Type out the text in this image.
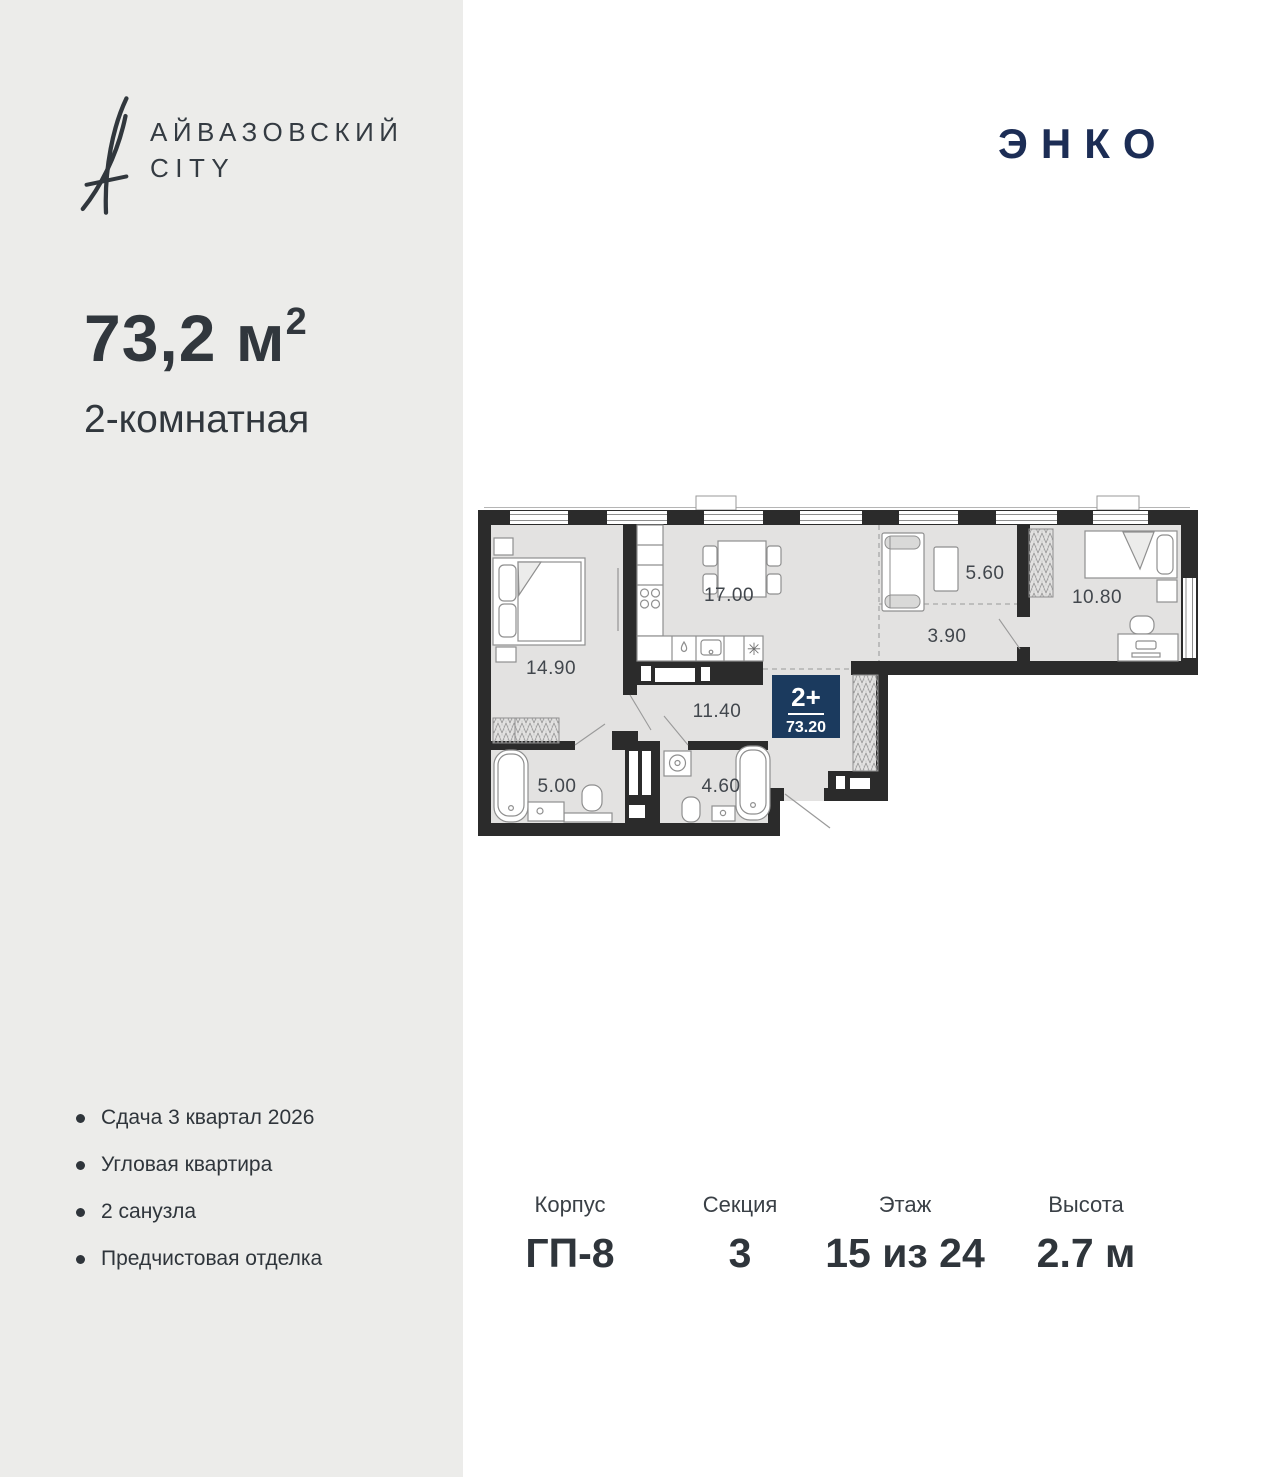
АЙВАЗОВСКИЙ
CITY
73,2 $м^2$
2-комнатная
Сдача 3 квартал 2026
Угловая квартира
2 санузла
Предчистовая отделка
ЭНКО
✳
2+
73.20
14.90
17.00
5.60
3.90
10.80
11.40
5.00	4.60
Корпус
ГП-8
Секция
3
Этаж
15 из 24
Высота
2.7 м
